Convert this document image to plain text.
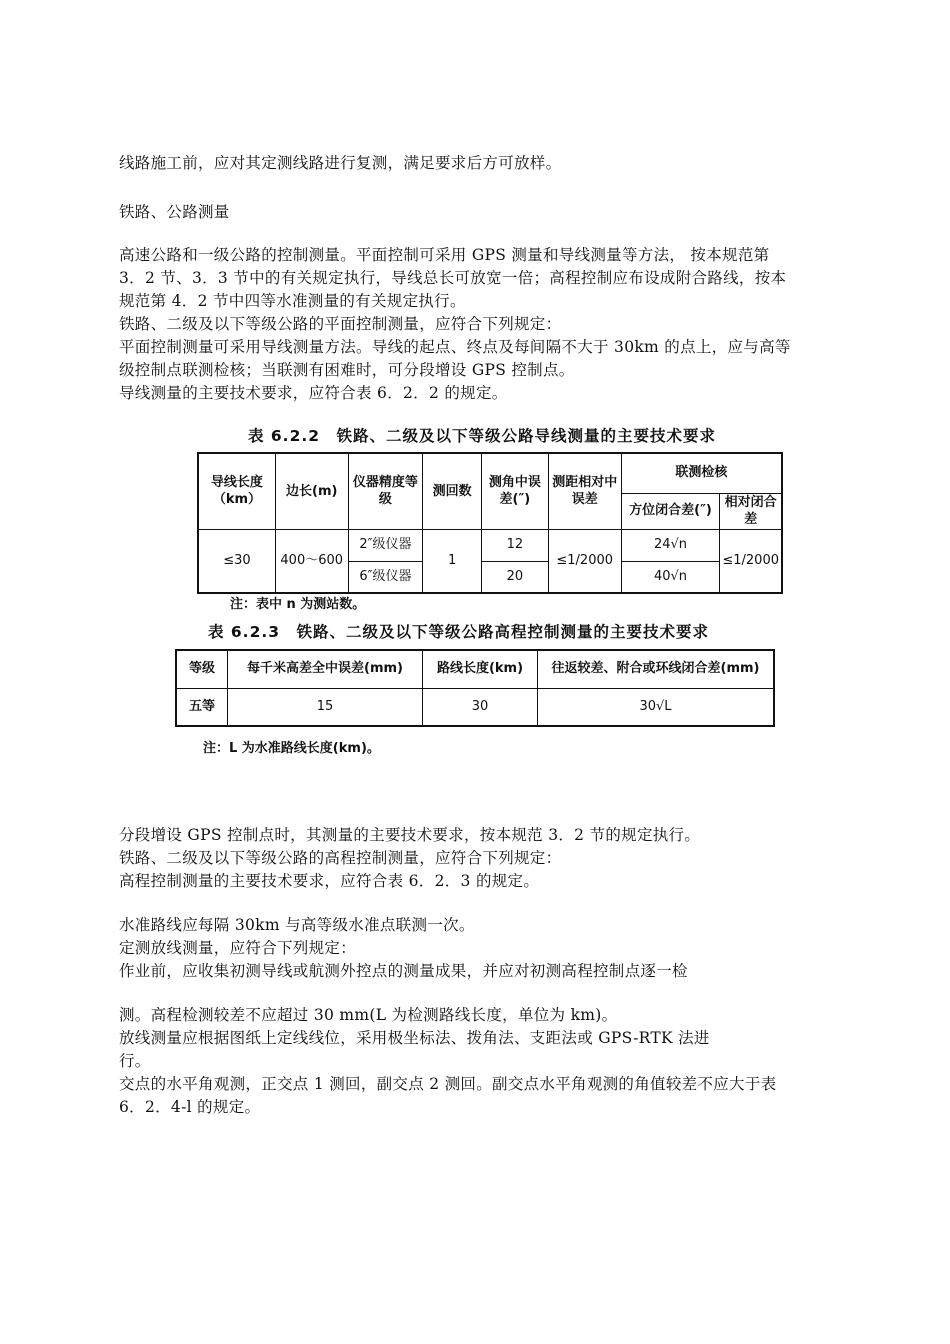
线路施工前，应对其定测线路进行复测，满足要求后方可放样。
铁路、公路测量
高速公路和一级公路的控制测量。平面控制可采用 GPS 测量和导线测量等方法， 按本规范第
3．2 节、3．3 节中的有关规定执行，导线总长可放宽一倍；高程控制应布设成附合路线，按本
规范第 4．2 节中四等水准测量的有关规定执行。
铁路、二级及以下等级公路的平面控制测量，应符合下列规定：
平面控制测量可采用导线测量方法。导线的起点、终点及每间隔不大于 30km 的点上，应与高等
级控制点联测检核；当联测有困难时，可分段增设 GPS 控制点。
导线测量的主要技术要求，应符合表 6．2．2 的规定。
表 6.2.2　铁路、二级及以下等级公路导线测量的主要技术要求
导线长度（km）	边长(m)	仪器精度等级	测回数	测角中误差(″)	测距相对中误差	联测检核	
						方位闭合差(″)	相对闭合差
≤30	400～600	2″级仪器	1	12	≤1/2000	24√n	≤1/2000
		6″级仪器		20		40√n	
注：表中 n 为测站数。
表 6.2.3　铁路、二级及以下等级公路高程控制测量的主要技术要求
等级	每千米高差全中误差(mm)	路线长度(km)	往返较差、附合或环线闭合差(mm)
五等	15	30	30√L
注：L 为水准路线长度(km)。
分段增设 GPS 控制点时，其测量的主要技术要求，按本规范 3．2 节的规定执行。
铁路、二级及以下等级公路的高程控制测量，应符合下列规定：
高程控制测量的主要技术要求，应符合表 6．2．3 的规定。
水准路线应每隔 30km 与高等级水准点联测一次。
定测放线测量，应符合下列规定：
作业前，应收集初测导线或航测外控点的测量成果，并应对初测高程控制点逐一检
测。高程检测较差不应超过 30 mm(L 为检测路线长度，单位为 km)。
放线测量应根据图纸上定线线位，采用极坐标法、拨角法、支距法或 GPS-RTK 法进
行。
交点的水平角观测，正交点 1 测回，副交点 2 测回。副交点水平角观测的角值较差不应大于表
6．2．4-l 的规定。
